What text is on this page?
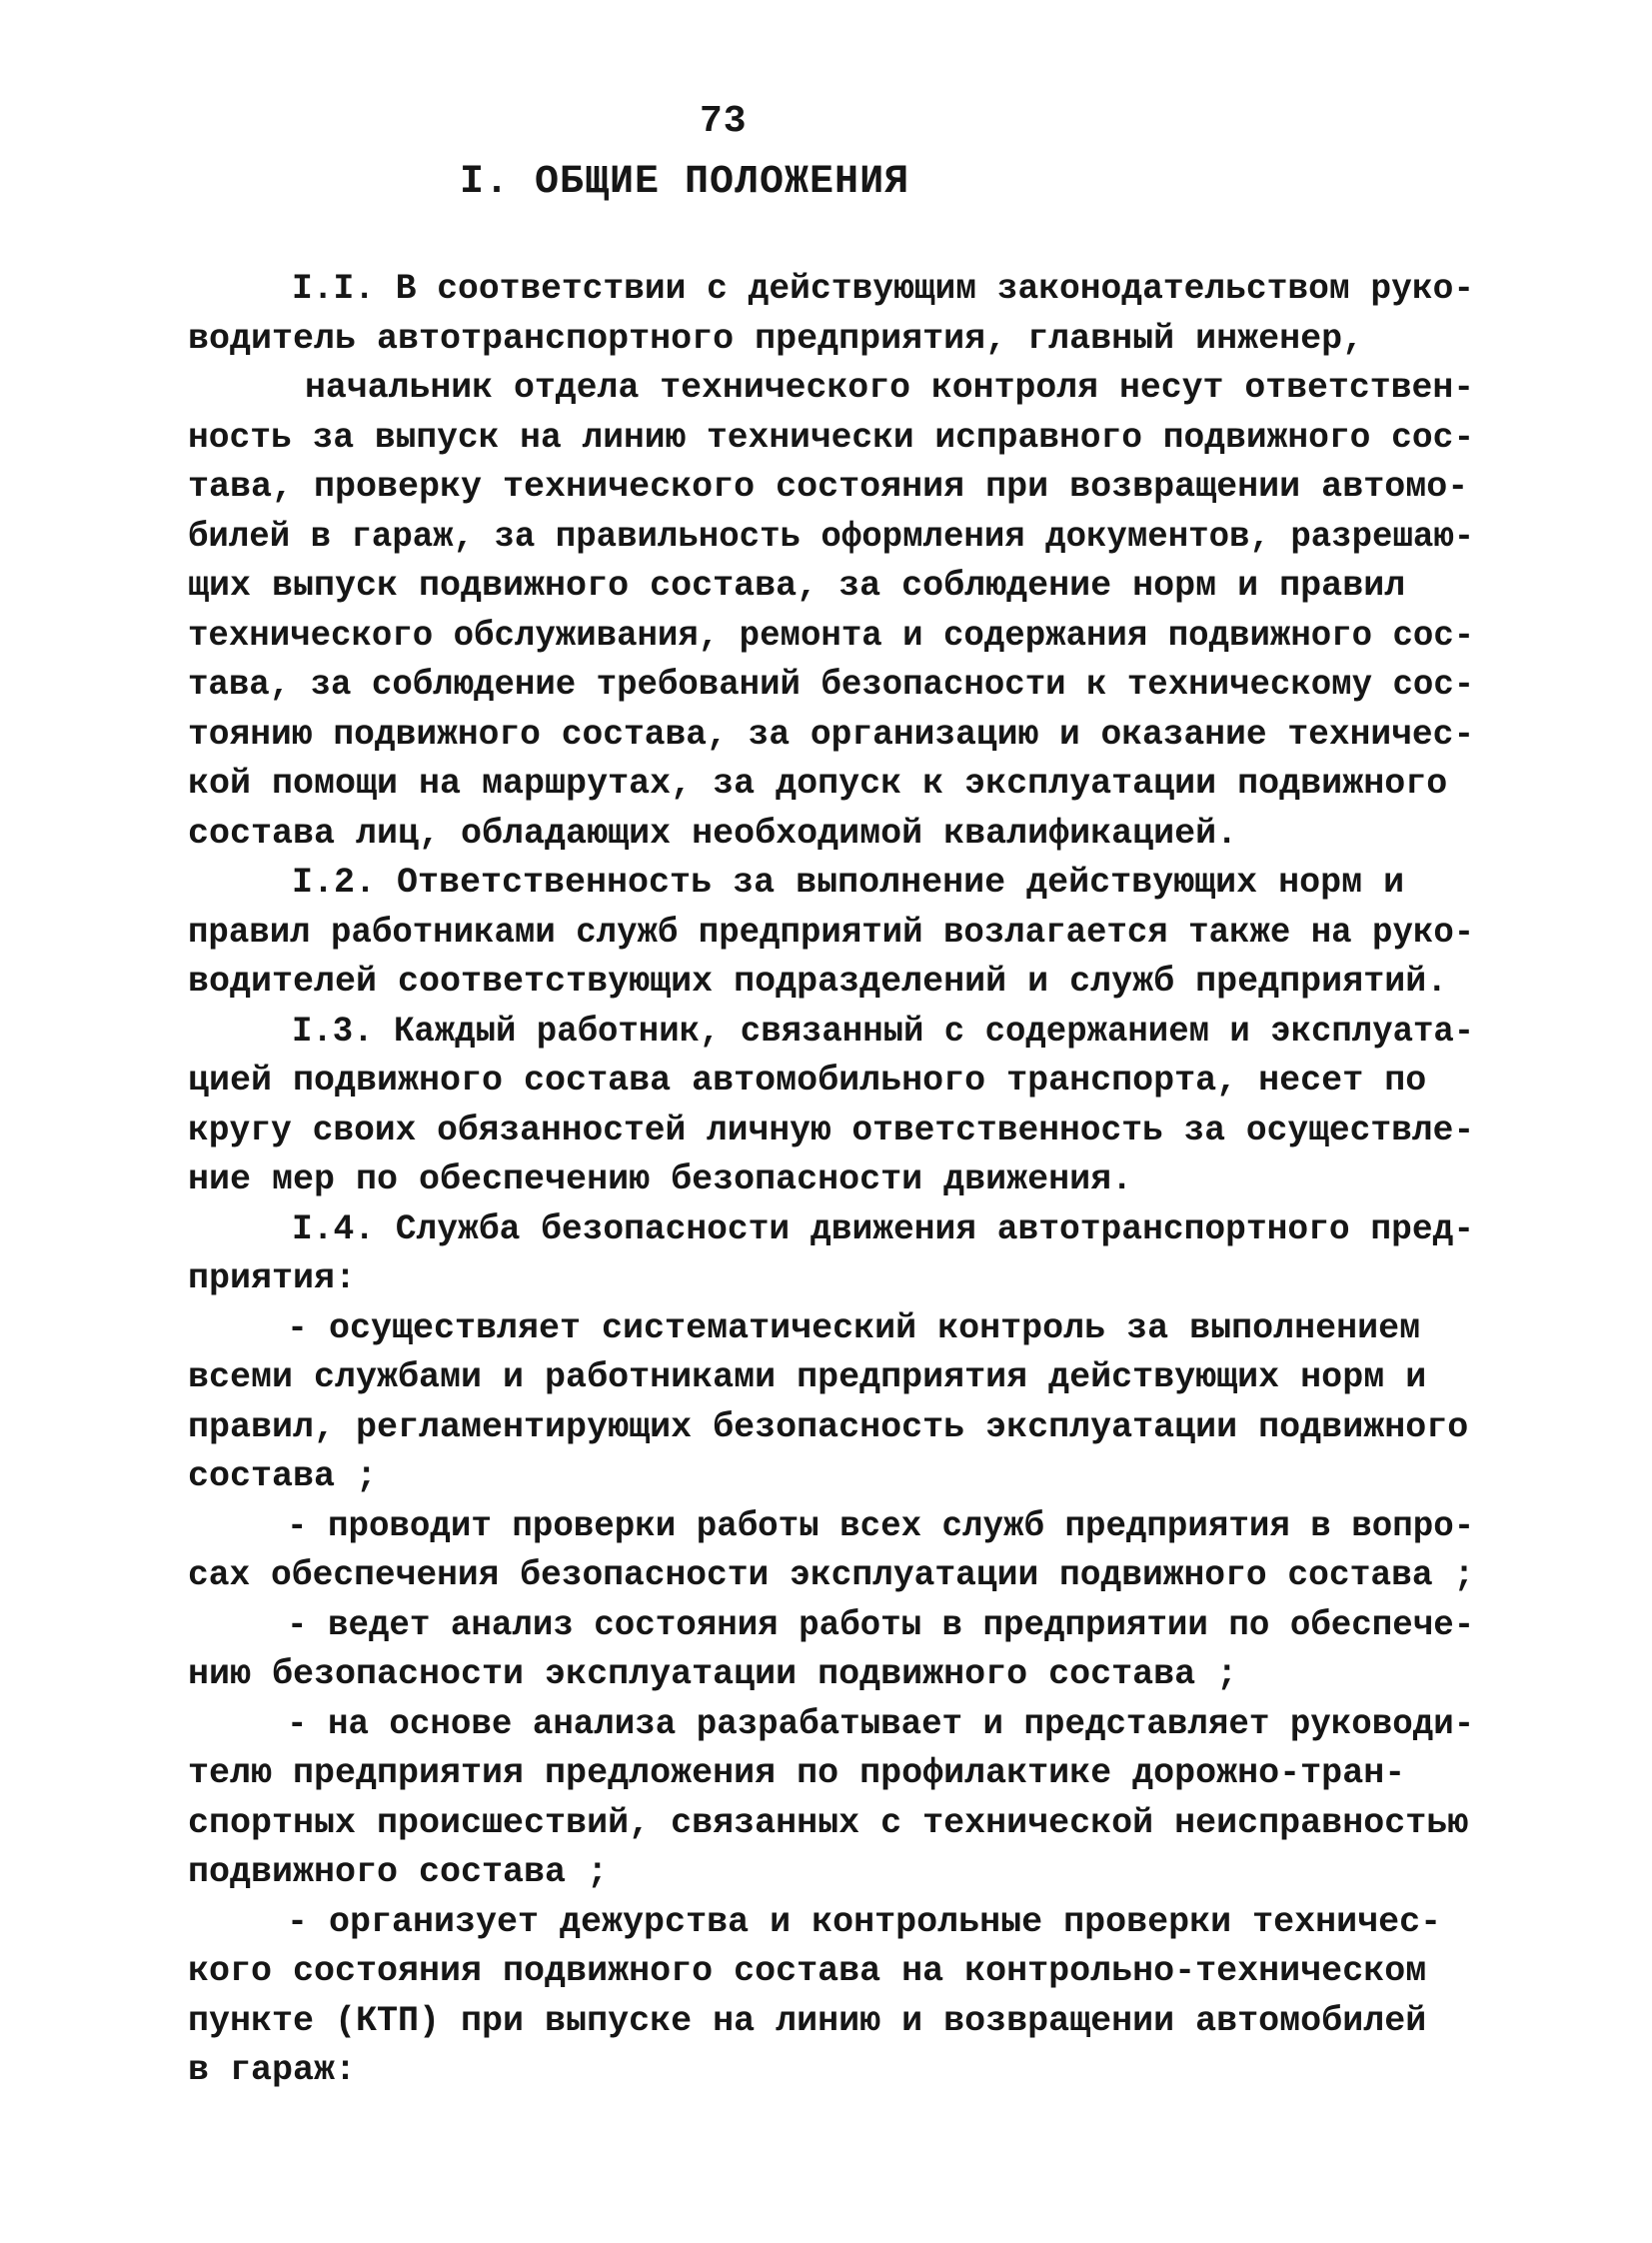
73
I. ОБЩИЕ ПОЛОЖЕНИЯ
I.I. В соответствии с действующим законодательством руко-
водитель автотранспортного предприятия, главный инженер,
начальник отдела технического контроля несут ответствен-
ность за выпуск на линию технически исправного подвижного сос-
тава, проверку технического состояния при возвращении автомо-
билей в гараж, за правильность оформления документов, разрешаю-
щих выпуск подвижного состава, за соблюдение норм и правил
технического обслуживания, ремонта и содержания подвижного сос-
тава, за соблюдение требований безопасности к техническому сос-
тоянию подвижного состава, за организацию и оказание техничес-
кой помощи на маршрутах, за допуск к эксплуатации подвижного
состава лиц, обладающих необходимой квалификацией.
I.2. Ответственность за выполнение действующих норм и
правил работниками служб предприятий возлагается также на руко-
водителей соответствующих подразделений и служб предприятий.
I.3. Каждый работник, связанный с содержанием и эксплуата-
цией подвижного состава автомобильного транспорта, несет по
кругу своих обязанностей личную ответственность за осуществле-
ние мер по обеспечению безопасности движения.
I.4. Служба безопасности движения автотранспортного пред-
приятия:
- осуществляет систематический контроль за выполнением
всеми службами и работниками предприятия действующих норм и
правил, регламентирующих безопасность эксплуатации подвижного
состава ;
- проводит проверки работы всех служб предприятия в вопро-
сах обеспечения безопасности эксплуатации подвижного состава ;
- ведет анализ состояния работы в предприятии по обеспече-
нию безопасности эксплуатации подвижного состава ;
- на основе анализа разрабатывает и представляет руководи-
телю предприятия предложения по профилактике дорожно-тран-
спортных происшествий, связанных с технической неисправностью
подвижного состава ;
- организует дежурства и контрольные проверки техничес-
кого состояния подвижного состава на контрольно-техническом
пункте (КТП) при выпуске на линию и возвращении автомобилей
в гараж:
